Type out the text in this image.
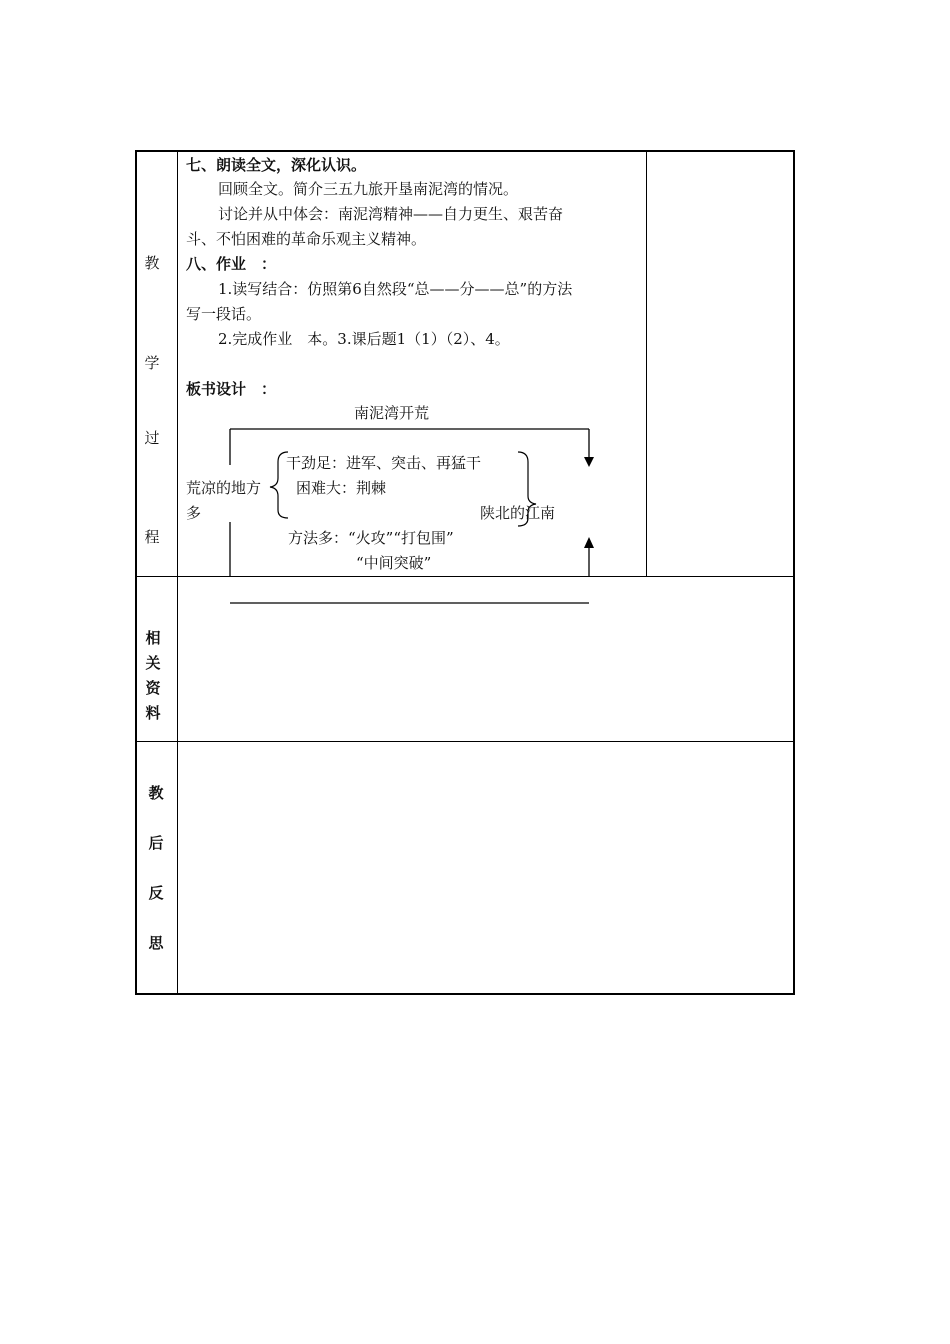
教
学
过
程
相
关
资
料
教
后
反
思
七、朗读全文，深化认识。
回顾全文。简介三五九旅开垦南泥湾的情况。
讨论并从中体会：南泥湾精神——自力更生、艰苦奋
斗、不怕困难的革命乐观主义精神。
八、作业　：
1.读写结合：仿照第6自然段“总——分——总”的方法
写一段话。
2.完成作业　本。3.课后题1（1）（2）、4。
板书设计　：
南泥湾开荒
干劲足：进军、突击、再猛干
荒凉的地方 困难大：荆棘
多	陕北的江南
方法多：“火攻”“打包围”
“中间突破”
